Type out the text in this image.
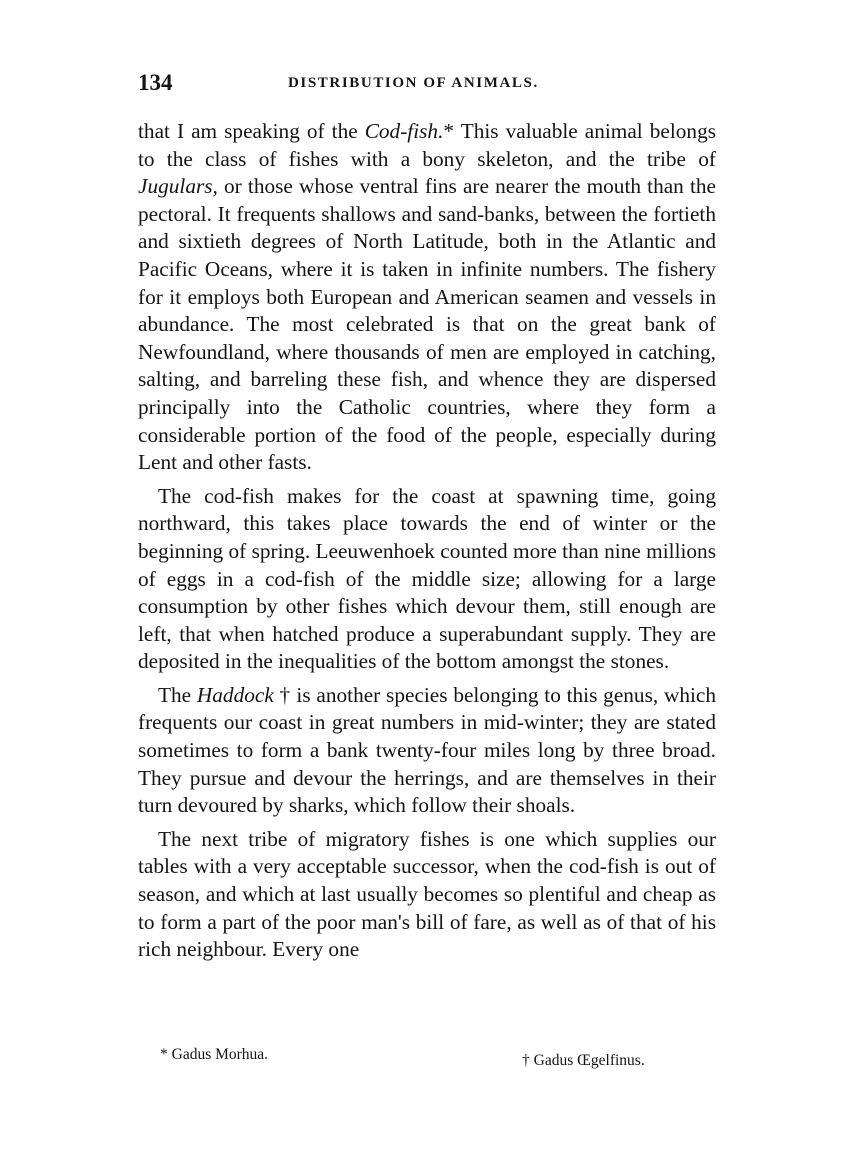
134	DISTRIBUTION OF ANIMALS.

that I am speaking of the Cod-fish.* This valuable animal belongs to the class of fishes with a bony skeleton, and the tribe of Jugulars, or those whose ventral fins are nearer the mouth than the pectoral. It frequents shallows and sand-banks, between the fortieth and sixtieth degrees of North Latitude, both in the Atlantic and Pacific Oceans, where it is taken in infinite numbers. The fishery for it employs both European and American seamen and vessels in abundance. The most celebrated is that on the great bank of Newfoundland, where thousands of men are employed in catching, salting, and barreling these fish, and whence they are dispersed principally into the Catholic countries, where they form a considerable portion of the food of the people, especially during Lent and other fasts.

The cod-fish makes for the coast at spawning time, going northward, this takes place towards the end of winter or the beginning of spring. Leeuwenhoek counted more than nine millions of eggs in a cod-fish of the middle size; allowing for a large consumption by other fishes which devour them, still enough are left, that when hatched produce a superabundant supply. They are deposited in the inequalities of the bottom amongst the stones.

The Haddock † is another species belonging to this genus, which frequents our coast in great numbers in mid-winter; they are stated sometimes to form a bank twenty-four miles long by three broad. They pursue and devour the herrings, and are themselves in their turn devoured by sharks, which follow their shoals.

The next tribe of migratory fishes is one which supplies our tables with a very acceptable successor, when the cod-fish is out of season, and which at last usually becomes so plentiful and cheap as to form a part of the poor man's bill of fare, as well as of that of his rich neighbour. Every one

* Gadus Morhua.	† Gadus Œgelfinus.
